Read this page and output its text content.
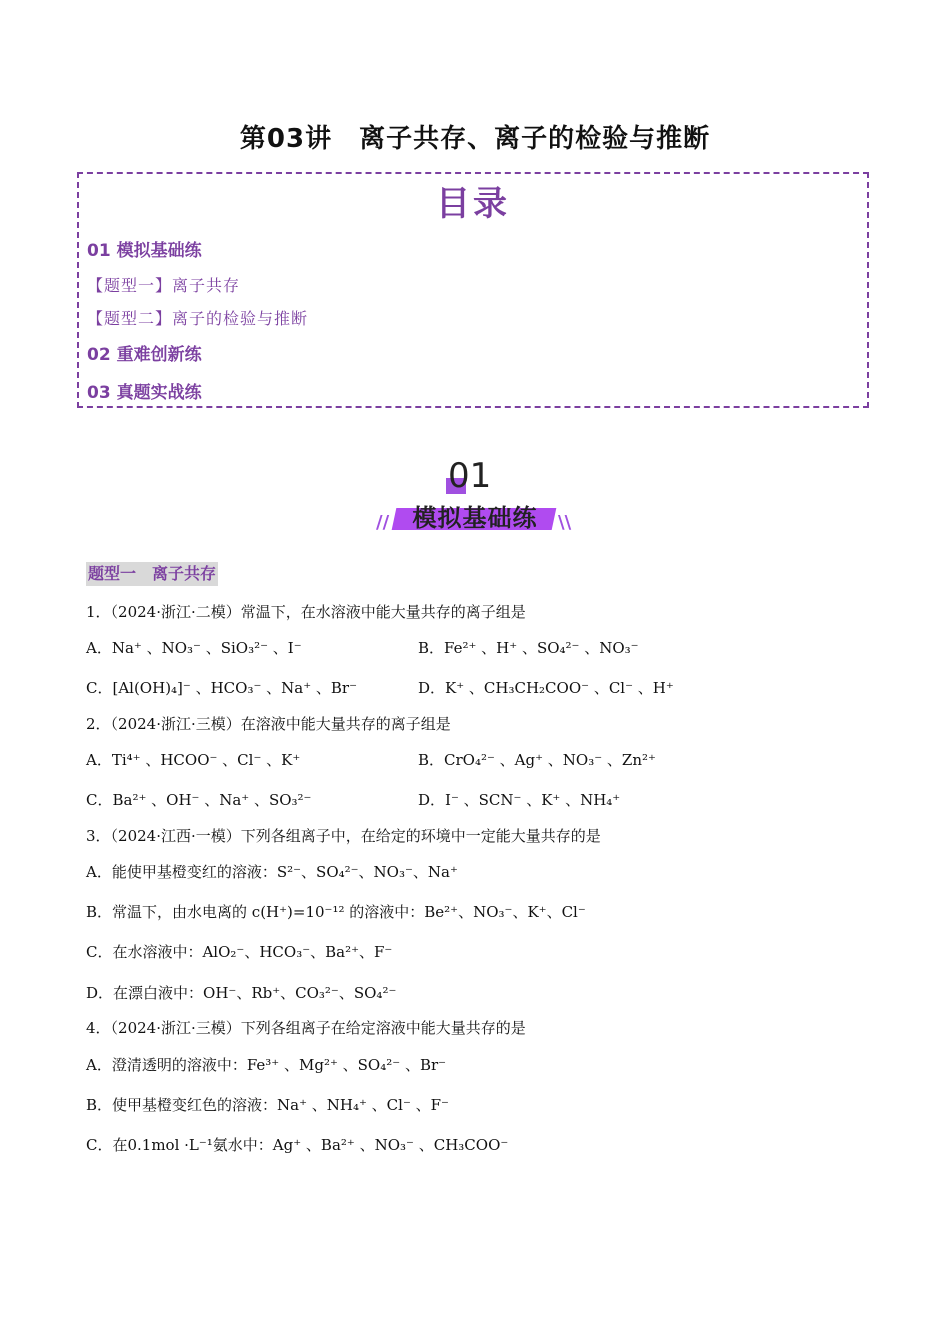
第03讲　离子共存、离子的检验与推断
目录
01 模拟基础练
【题型一】离子共存
【题型二】离子的检验与推断
02 重难创新练
03 真题实战练
01
模拟基础练
//	\\
题型一　离子共存
1．（2024·浙江·二模）常温下，在水溶液中能大量共存的离子组是
A．Na⁺ 、NO₃⁻ 、SiO₃²⁻ 、I⁻	B．Fe²⁺ 、H⁺ 、SO₄²⁻ 、NO₃⁻
C．[Al(OH)₄]⁻ 、HCO₃⁻ 、Na⁺ 、Br⁻	D．K⁺ 、CH₃CH₂COO⁻ 、Cl⁻ 、H⁺
2．（2024·浙江·三模）在溶液中能大量共存的离子组是
A．Ti⁴⁺ 、HCOO⁻ 、Cl⁻ 、K⁺	B．CrO₄²⁻ 、Ag⁺ 、NO₃⁻ 、Zn²⁺
C．Ba²⁺ 、OH⁻ 、Na⁺ 、SO₃²⁻	D．I⁻ 、SCN⁻ 、K⁺ 、NH₄⁺
3．（2024·江西·一模）下列各组离子中，在给定的环境中一定能大量共存的是
A．能使甲基橙变红的溶液：S²⁻、SO₄²⁻、NO₃⁻、Na⁺
B．常温下，由水电离的 c(H⁺)=10⁻¹² 的溶液中：Be²⁺、NO₃⁻、K⁺、Cl⁻
C．在水溶液中：AlO₂⁻、HCO₃⁻、Ba²⁺、F⁻
D．在漂白液中：OH⁻、Rb⁺、CO₃²⁻、SO₄²⁻
4．（2024·浙江·三模）下列各组离子在给定溶液中能大量共存的是
A．澄清透明的溶液中：Fe³⁺ 、Mg²⁺ 、SO₄²⁻ 、Br⁻
B．使甲基橙变红色的溶液：Na⁺ 、NH₄⁺ 、Cl⁻ 、F⁻
C．在0.1mol ·L⁻¹氨水中：Ag⁺ 、Ba²⁺ 、NO₃⁻ 、CH₃COO⁻
